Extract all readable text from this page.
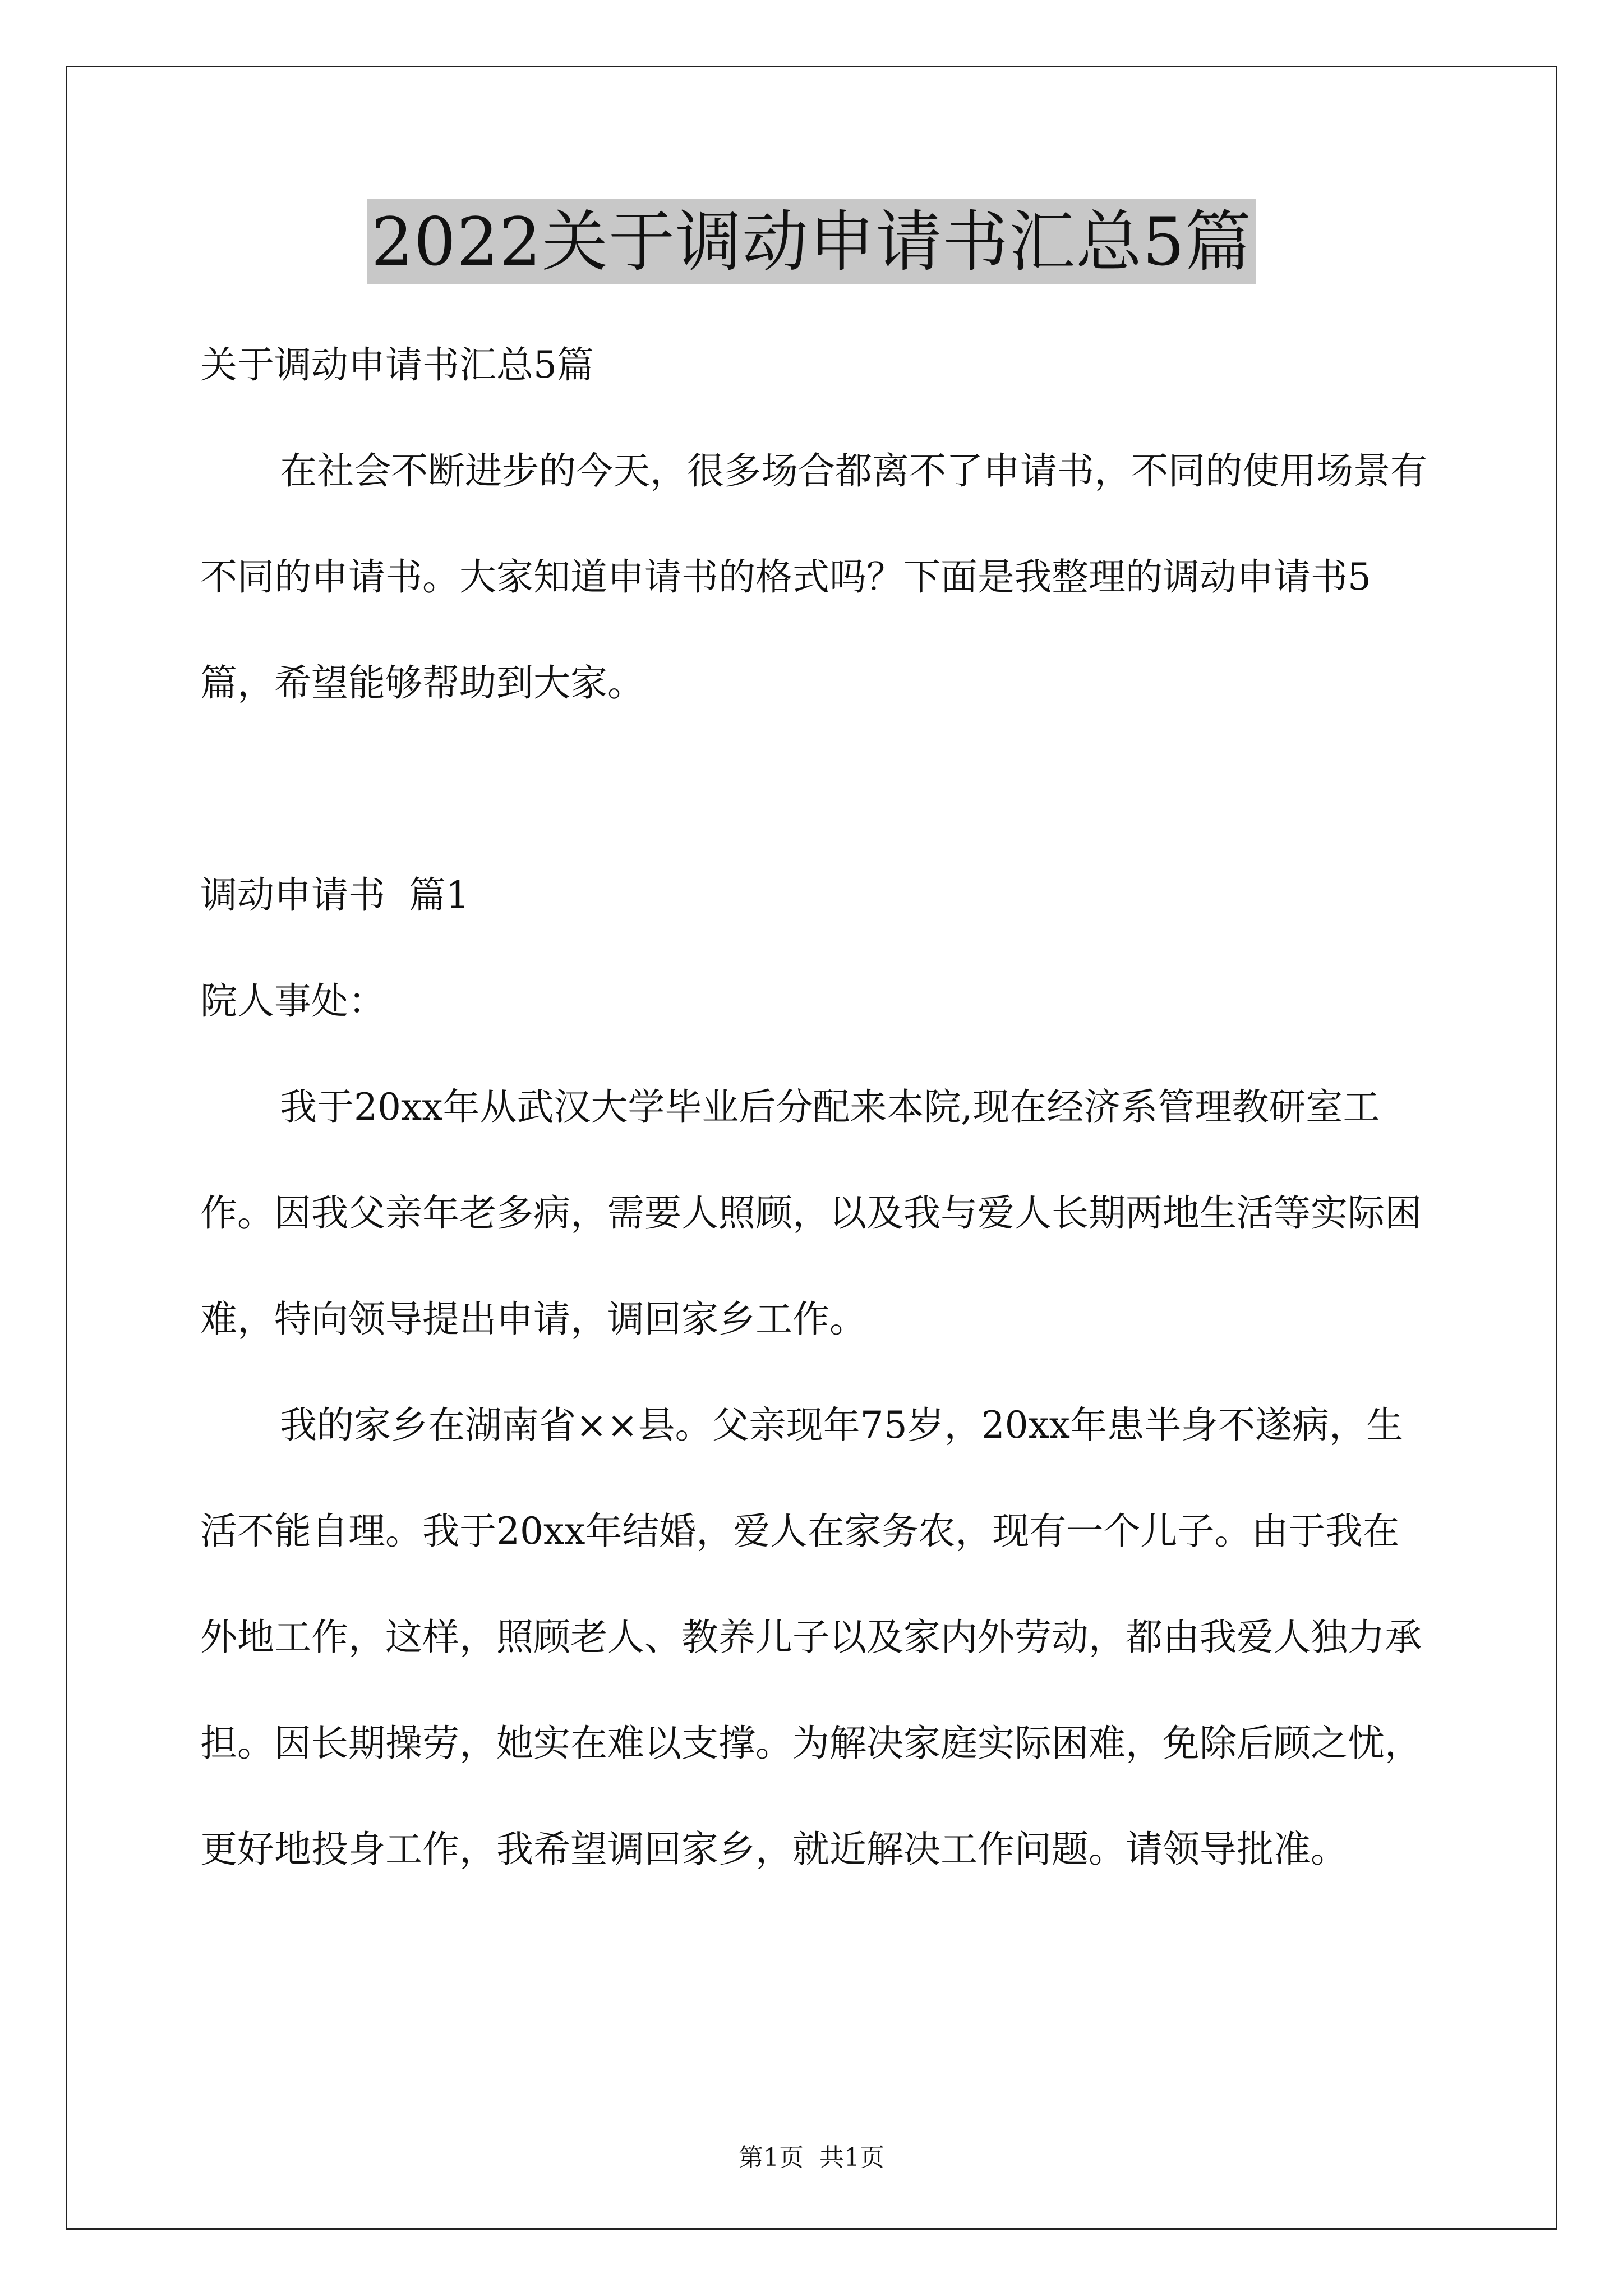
2022关于调动申请书汇总5篇

关于调动申请书汇总5篇

在社会不断进步的今天，很多场合都离不了申请书，不同的使用场景有不同的申请书。大家知道申请书的格式吗？下面是我整理的调动申请书5篇，希望能够帮助到大家。

调动申请书  篇1

院人事处：

我于20xx年从武汉大学毕业后分配来本院,现在经济系管理教研室工作。因我父亲年老多病，需要人照顾，以及我与爱人长期两地生活等实际困难，特向领导提出申请，调回家乡工作。

我的家乡在湖南省××县。父亲现年75岁，20xx年患半身不遂病，生活不能自理。我于20xx年结婚，爱人在家务农，现有一个儿子。由于我在外地工作，这样，照顾老人、教养儿子以及家内外劳动，都由我爱人独力承担。因长期操劳，她实在难以支撑。为解决家庭实际困难，免除后顾之忧，更好地投身工作，我希望调回家乡，就近解决工作问题。请领导批准。

第1页  共1页
